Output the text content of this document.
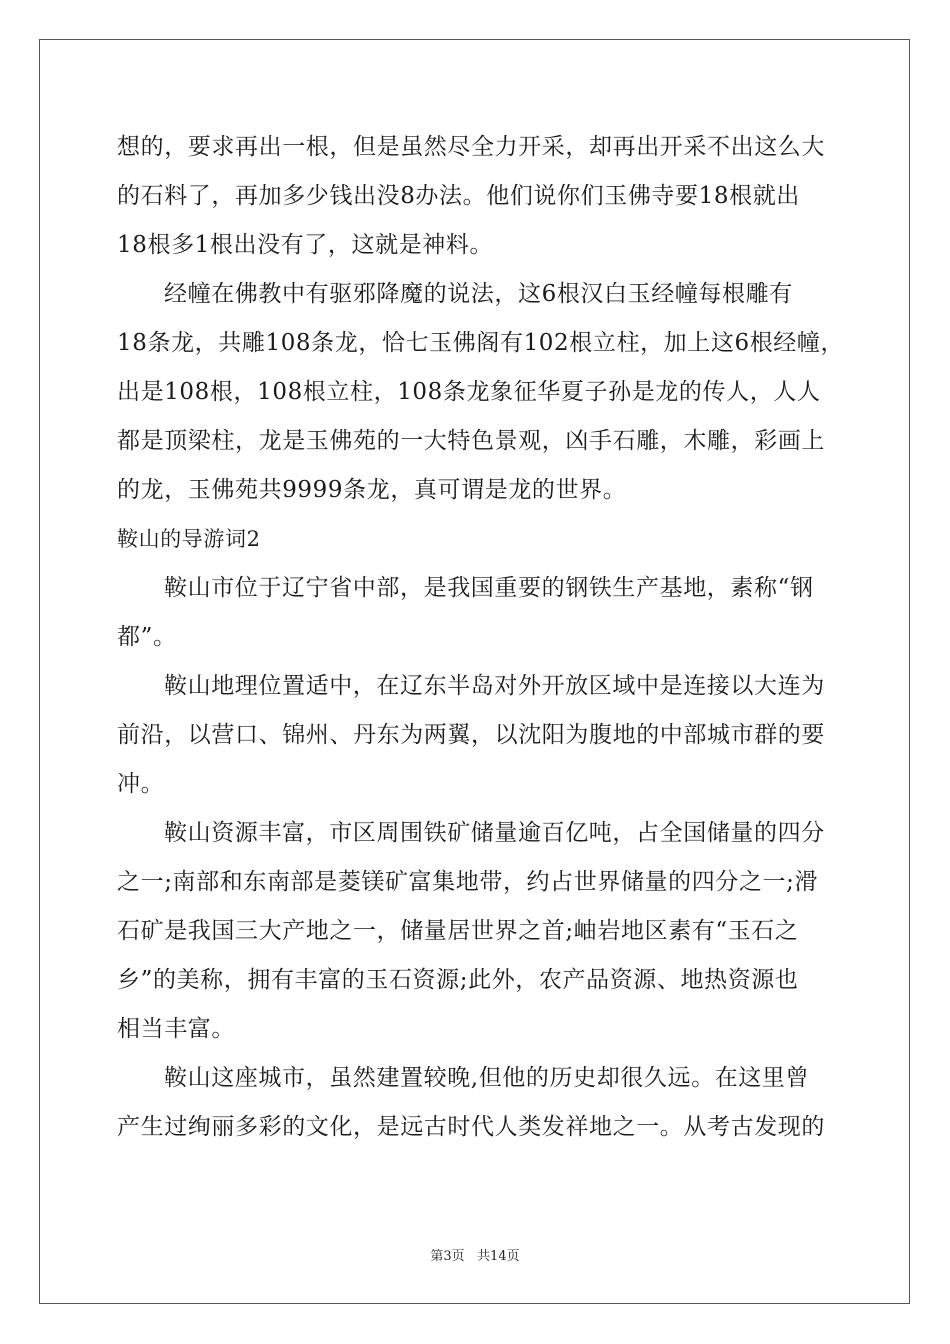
想的，要求再出一根，但是虽然尽全力开采，却再出开采不出这么大
的石料了，再加多少钱出没8办法。他们说你们玉佛寺要18根就出
18根多1根出没有了，这就是神料。
经幢在佛教中有驱邪降魔的说法，这6根汉白玉经幢每根雕有
18条龙，共雕108条龙，恰七玉佛阁有102根立柱，加上这6根经幢，
出是108根，108根立柱，108条龙象征华夏子孙是龙的传人，人人
都是顶梁柱，龙是玉佛苑的一大特色景观，凶手石雕，木雕，彩画上
的龙，玉佛苑共9999条龙，真可谓是龙的世界。
鞍山的导游词2
鞍山市位于辽宁省中部，是我国重要的钢铁生产基地，素称“钢
都”。
鞍山地理位置适中，在辽东半岛对外开放区域中是连接以大连为
前沿，以营口、锦州、丹东为两翼，以沈阳为腹地的中部城市群的要
冲。
鞍山资源丰富，市区周围铁矿储量逾百亿吨，占全国储量的四分
之一;南部和东南部是菱镁矿富集地带，约占世界储量的四分之一;滑
石矿是我国三大产地之一，储量居世界之首;岫岩地区素有“玉石之
乡”的美称，拥有丰富的玉石资源;此外，农产品资源、地热资源也
相当丰富。
鞍山这座城市，虽然建置较晚,但他的历史却很久远。在这里曾
产生过绚丽多彩的文化，是远古时代人类发祥地之一。从考古发现的
第3页   共14页
